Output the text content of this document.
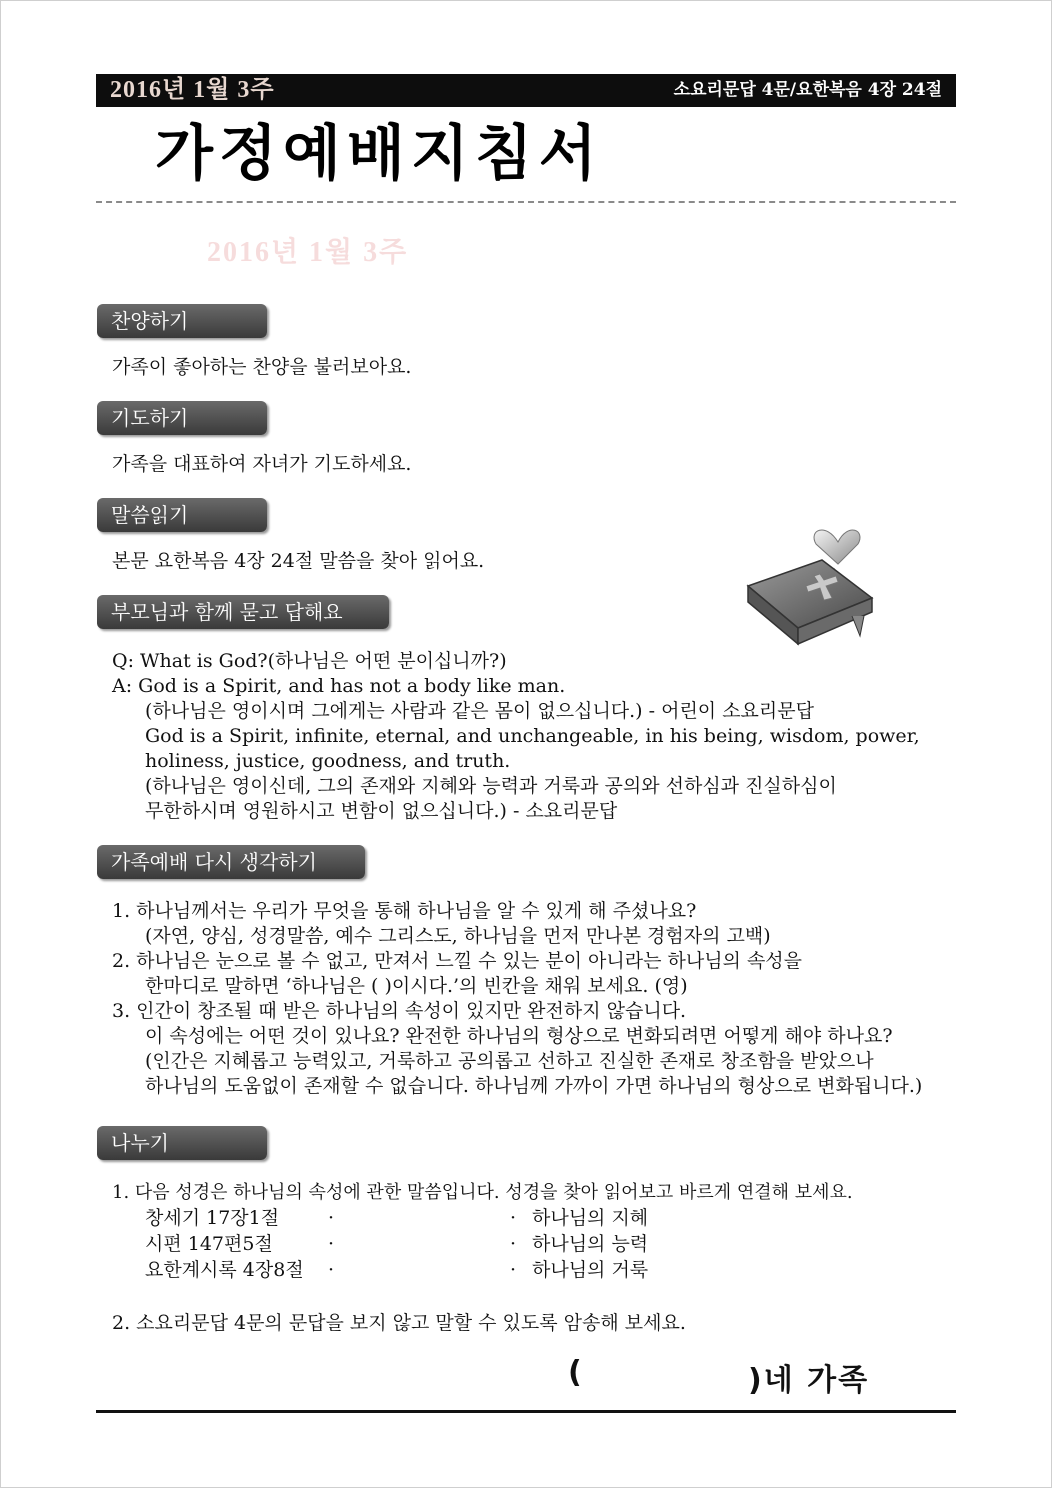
2016년 1월 3주	소요리문답 4문/요한복음 4장 24절
가정예배지침서
2016년 1월 3주
찬양하기
가족이 좋아하는 찬양을 불러보아요.
기도하기
가족을 대표하여 자녀가 기도하세요.
말씀읽기
본문 요한복음 4장 24절 말씀을 찾아 읽어요.
부모님과 함께 묻고 답해요
Q: What is God?(하나님은 어떤 분이십니까?)
A: God is a Spirit, and has not a body like man.
(하나님은 영이시며 그에게는 사람과 같은 몸이 없으십니다.) - 어린이 소요리문답
God is a Spirit, infinite, eternal, and unchangeable, in his being, wisdom, power,
holiness, justice, goodness, and truth.
(하나님은 영이신데, 그의 존재와 지혜와 능력과 거룩과 공의와 선하심과 진실하심이
무한하시며 영원하시고 변함이 없으십니다.) - 소요리문답
가족예배 다시 생각하기
1. 하나님께서는 우리가 무엇을 통해 하나님을 알 수 있게 해 주셨나요?
(자연, 양심, 성경말씀, 예수 그리스도, 하나님을 먼저 만나본 경험자의 고백)
2. 하나님은 눈으로 볼 수 없고, 만져서 느낄 수 있는 분이 아니라는 하나님의 속성을
한마디로 말하면 ‘하나님은 ( )이시다.’의 빈칸을 채워 보세요. (영)
3. 인간이 창조될 때 받은 하나님의 속성이 있지만 완전하지 않습니다.
이 속성에는 어떤 것이 있나요? 완전한 하나님의 형상으로 변화되려면 어떻게 해야 하나요?
(인간은 지혜롭고 능력있고, 거룩하고 공의롭고 선하고 진실한 존재로 창조함을 받았으나
하나님의 도움없이 존재할 수 없습니다. 하나님께 가까이 가면 하나님의 형상으로 변화됩니다.)
나누기
1. 다음 성경은 하나님의 속성에 관한 말씀입니다. 성경을 찾아 읽어보고 바르게 연결해 보세요.
창세기 17장1절	·	· 하나님의 지혜
시편 147편5절	·	· 하나님의 능력
요한계시록 4장8절 ·	· 하나님의 거룩
2. 소요리문답 4문의 문답을 보지 않고 말할 수 있도록 암송해 보세요.
(	)네 가족
